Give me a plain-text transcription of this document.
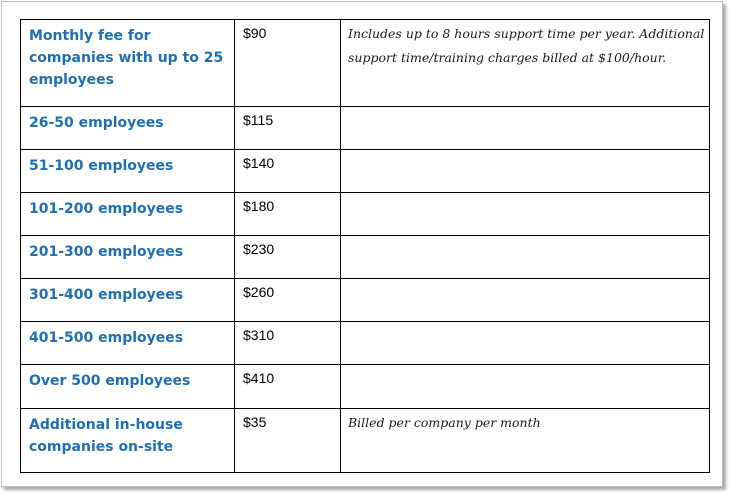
Monthly fee for companies with up to 25 employees	$90	Includes up to 8 hours support time per year. Additional support time/training charges billed at $100/hour.

26-50 employees	$115	

51-100 employees	$140	

101-200 employees	$180	

201-300 employees	$230	

301-400 employees	$260	

401-500 employees	$310	

Over 500 employees	$410	

Additional in-house companies on-site	$35	Billed per company per month
